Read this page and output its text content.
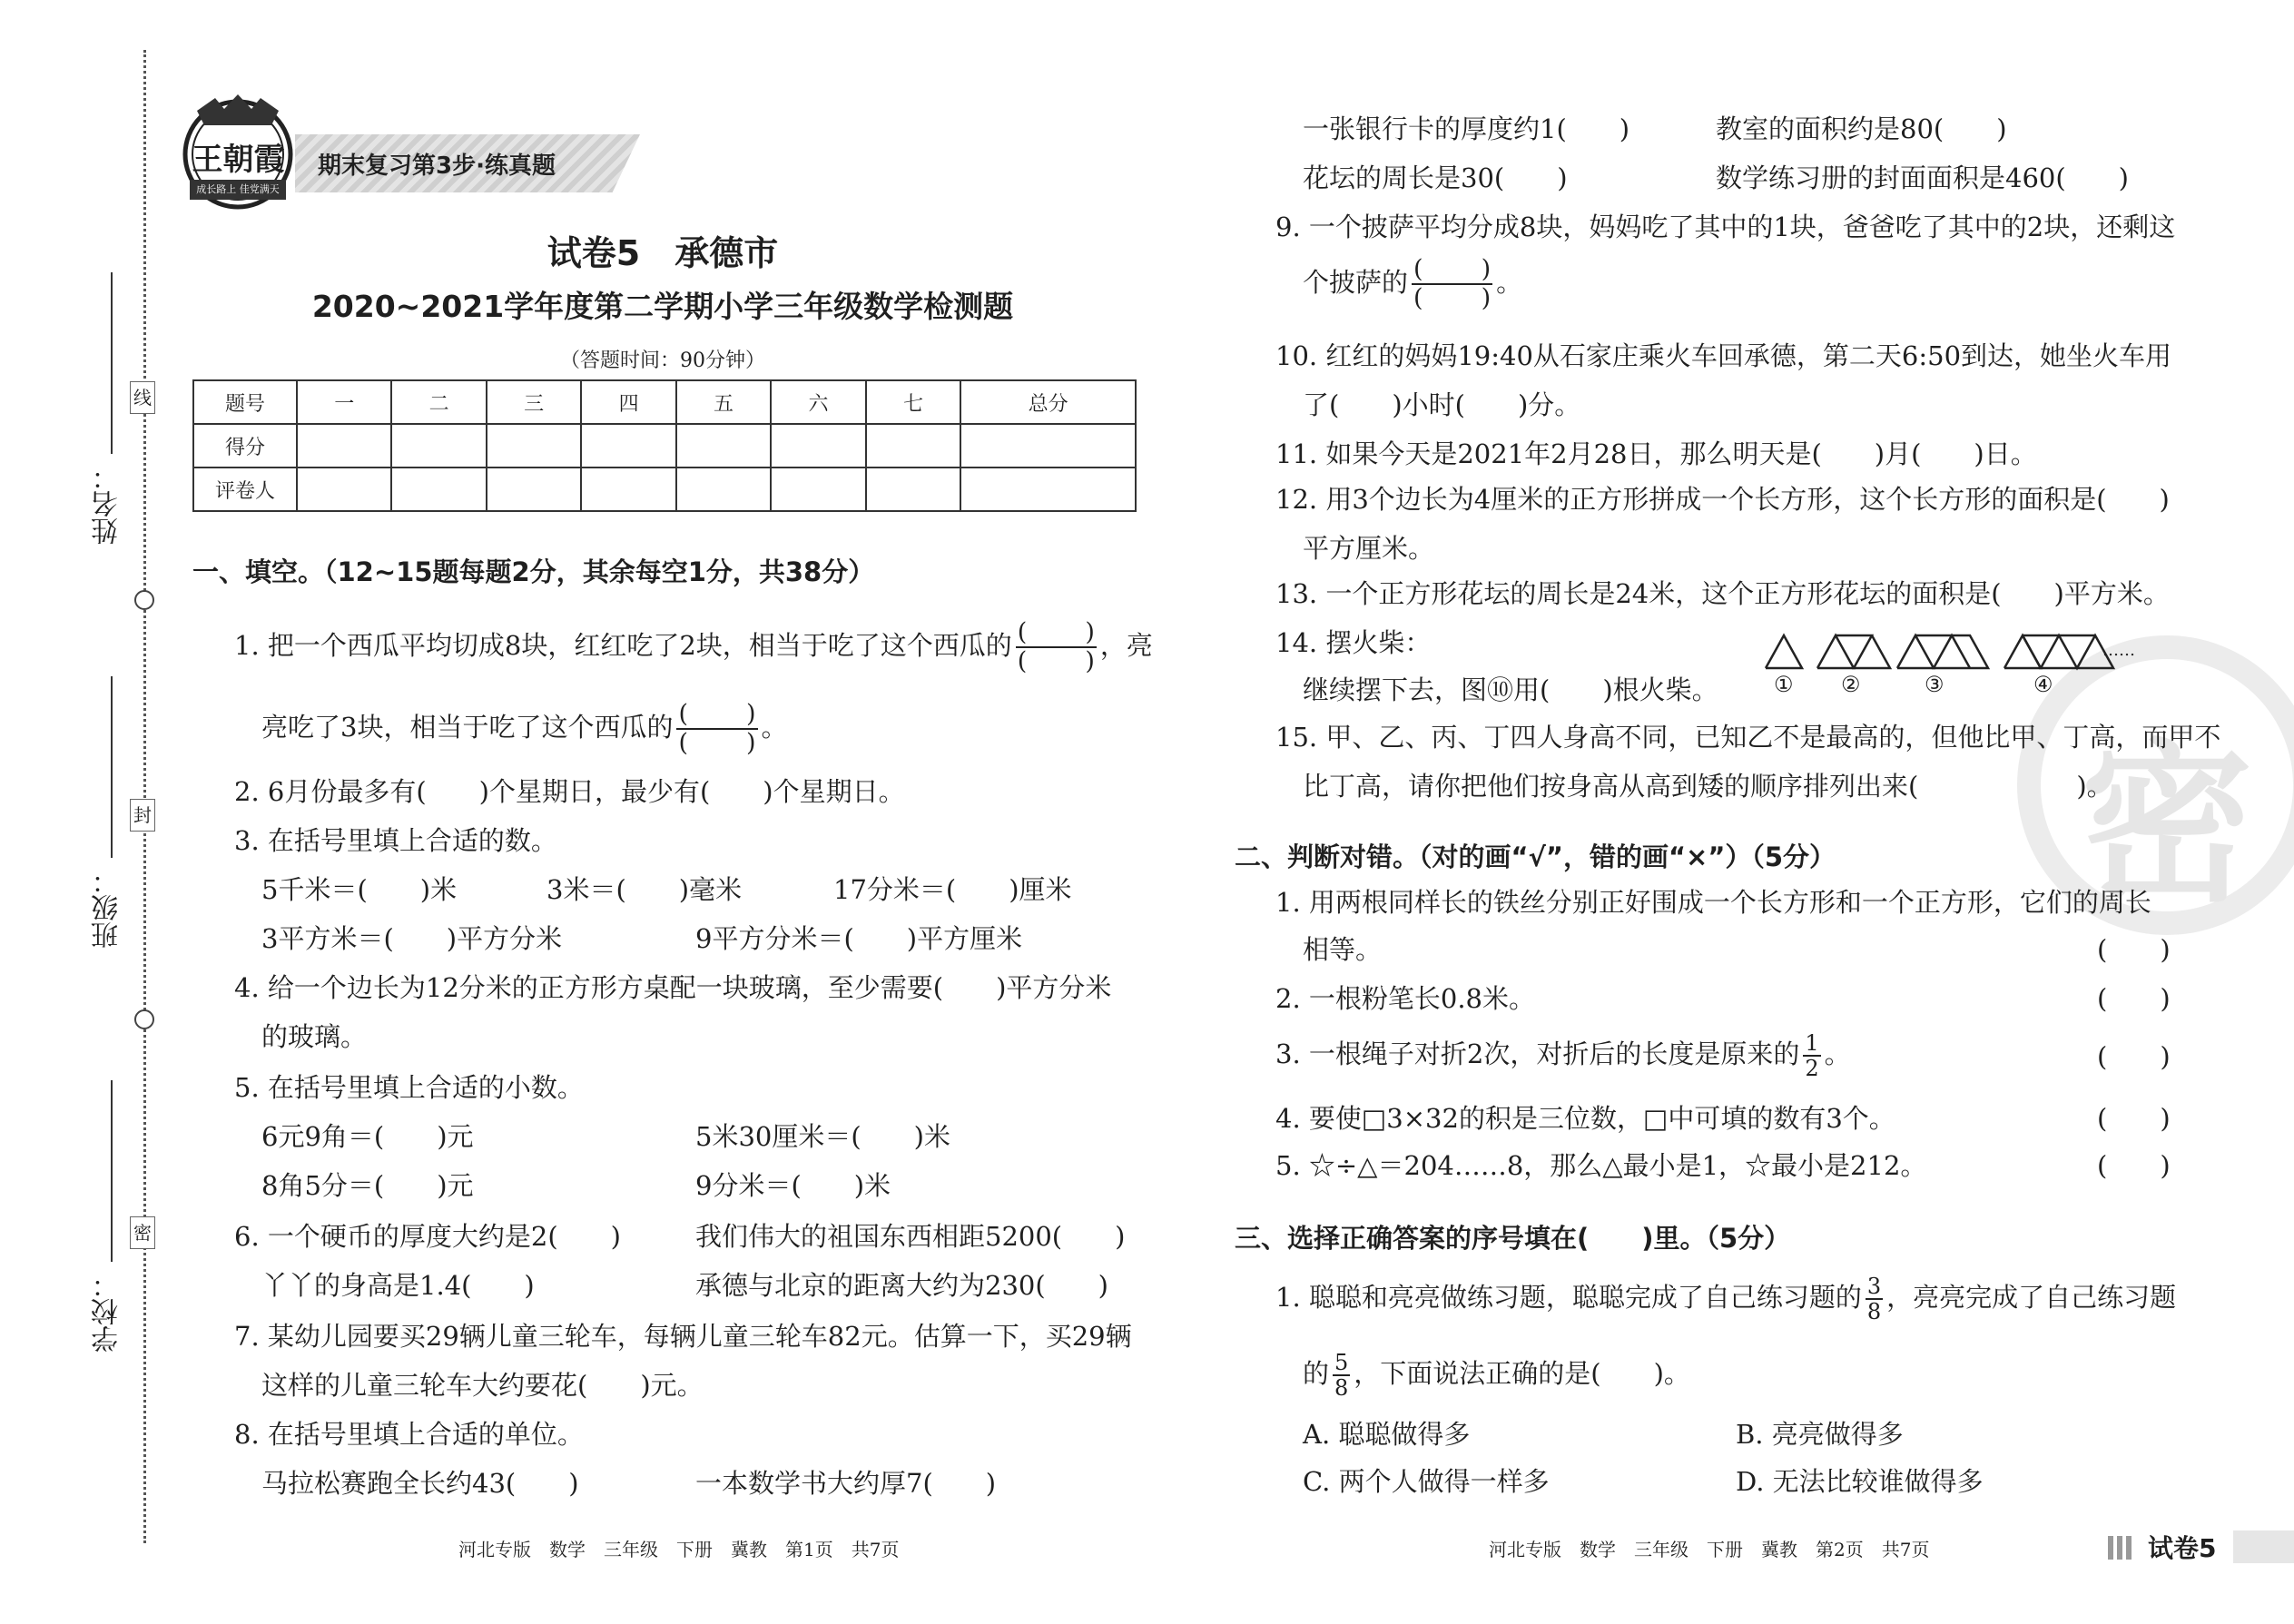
线
封
密
姓名：
班级：
学校：
王朝霞
成长路上 佳党满天
期末复习第3步·练真题
试卷5　承德市
2020~2021学年度第二学期小学三年级数学检测题
（答题时间：90分钟）
题号	一	二	三	四	五	六	七	总分
得分								
评卷人								
一、填空。（12~15题每题2分，其余每空1分，共38分）
1. 把一个西瓜平均切成8块，红红吃了2块，相当于吃了这个西瓜的 $\frac{( )}{( )}$ ，亮
亮吃了3块，相当于吃了这个西瓜的 $\frac{( )}{( )}$ 。
2. 6月份最多有(　　)个星期日，最少有(　　)个星期日。
3. 在括号里填上合适的数。
5千米＝(　　)米	3米＝(　　)毫米	17分米＝(　　)厘米
3平方米＝(　　)平方分米	9平方分米＝(　　)平方厘米
4. 给一个边长为12分米的正方形方桌配一块玻璃，至少需要(　　)平方分米
的玻璃。
5. 在括号里填上合适的小数。
6元9角＝(　　)元	5米30厘米＝(　　)米
8角5分＝(　　)元	9分米＝(　　)米
6. 一个硬币的厚度大约是2(　　)	我们伟大的祖国东西相距5200(　　)
丫丫的身高是1.4(　　)	承德与北京的距离大约为230(　　)
7. 某幼儿园要买29辆儿童三轮车，每辆儿童三轮车82元。估算一下，买29辆
这样的儿童三轮车大约要花(　　)元。
8. 在括号里填上合适的单位。
马拉松赛跑全长约43(　　)	一本数学书大约厚7(　　)
河北专版　数学　三年级　下册　冀教　第1页　共7页
密
一张银行卡的厚度约1(　　)	教室的面积约是80(　　)
花坛的周长是30(　　)	数学练习册的封面面积是460(　　)
9. 一个披萨平均分成8块，妈妈吃了其中的1块，爸爸吃了其中的2块，还剩这
个披萨的 $\frac{( )}{( )}$ 。
10. 红红的妈妈19:40从石家庄乘火车回承德，第二天6:50到达，她坐火车用
了(　　)小时(　　)分。
11. 如果今天是2021年2月28日，那么明天是(　　)月(　　)日。
12. 用3个边长为4厘米的正方形拼成一个长方形，这个长方形的面积是(　　)
平方厘米。
13. 一个正方形花坛的周长是24米，这个正方形花坛的面积是(　　)平方米。
14. 摆火柴：
继续摆下去，图⑩用(　　)根火柴。	① ②	③	④
……
15. 甲、乙、丙、丁四人身高不同，已知乙不是最高的，但他比甲、丁高，而甲不
比丁高，请你把他们按身高从高到矮的顺序排列出来(　　　　　　)。
二、判断对错。（对的画“√”，错的画“×”）（5分）
1. 用两根同样长的铁丝分别正好围成一个长方形和一个正方形，它们的周长
相等。	(　　)
2. 一根粉笔长0.8米。	(　　)
3. 一根绳子对折2次，对折后的长度是原来的 $\frac{1}{2}$ 。	(　　)
4. 要使□3×32的积是三位数，□中可填的数有3个。	(　　)
5. ☆÷△＝204……8，那么△最小是1，☆最小是212。	(　　)
三、选择正确答案的序号填在(　　)里。（5分）
1. 聪聪和亮亮做练习题，聪聪完成了自己练习题的 $\frac{3}{8}$ ，亮亮完成了自己练习题
的 $\frac{5}{8}$ ，下面说法正确的是(　　)。
A. 聪聪做得多	B. 亮亮做得多
C. 两个人做得一样多	D. 无法比较谁做得多
河北专版　数学　三年级　下册　冀教　第2页　共7页	试卷5
